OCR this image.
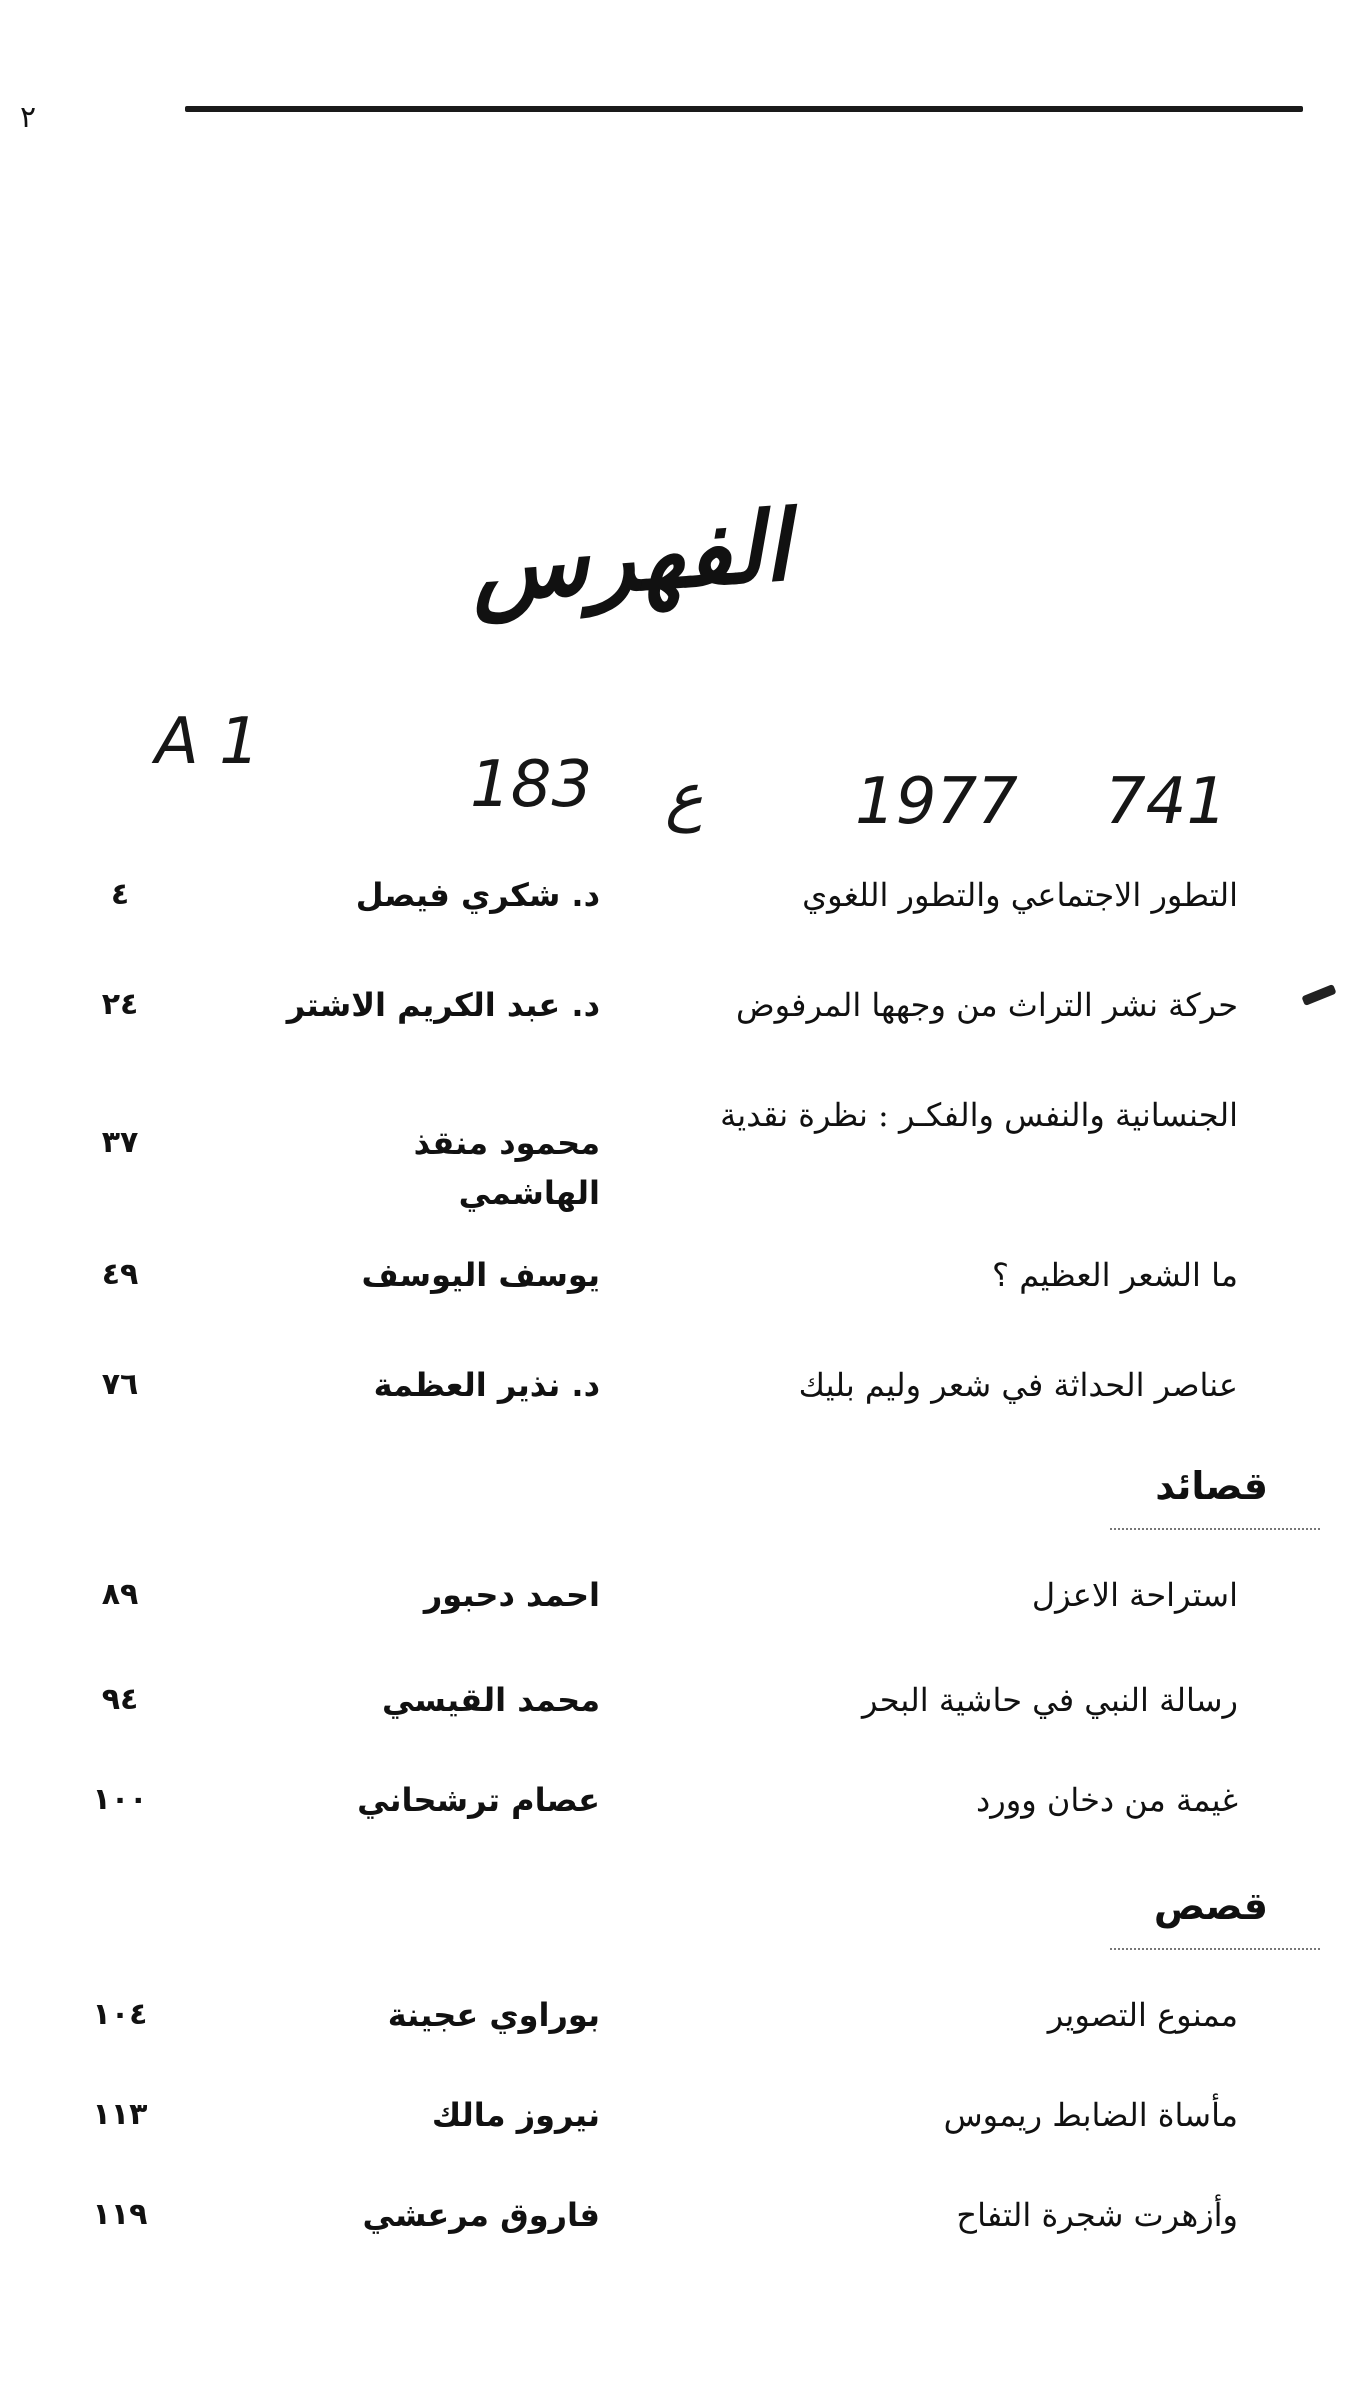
٢
الفهرس
A 1
183 ع 1977 741
التطور الاجتماعي والتطور اللغوي
د. شكري فيصل
٤
حركة نشر التراث من وجهها المرفوض
د. عبد الكريم الاشتر
٢٤
الجنسانية والنفس والفكـر : نظرة نقدية
محمود منقذ الهاشمي
٣٧
ما الشعر العظيم ؟
يوسف اليوسف
٤٩
عناصر الحداثة في شعر وليم بليك
د. نذير العظمة
٧٦
قصائد
استراحة الاعزل
احمد دحبور
٨٩
رسالة النبي في حاشية البحر
محمد القيسي
٩٤
غيمة من دخان وورد
عصام ترشحاني
١٠٠
قصص
ممنوع التصوير
بوراوي عجينة
١٠٤
مأساة الضابط ريموس
نيروز مالك
١١٣
وأزهرت شجرة التفاح
فاروق مرعشي
١١٩
